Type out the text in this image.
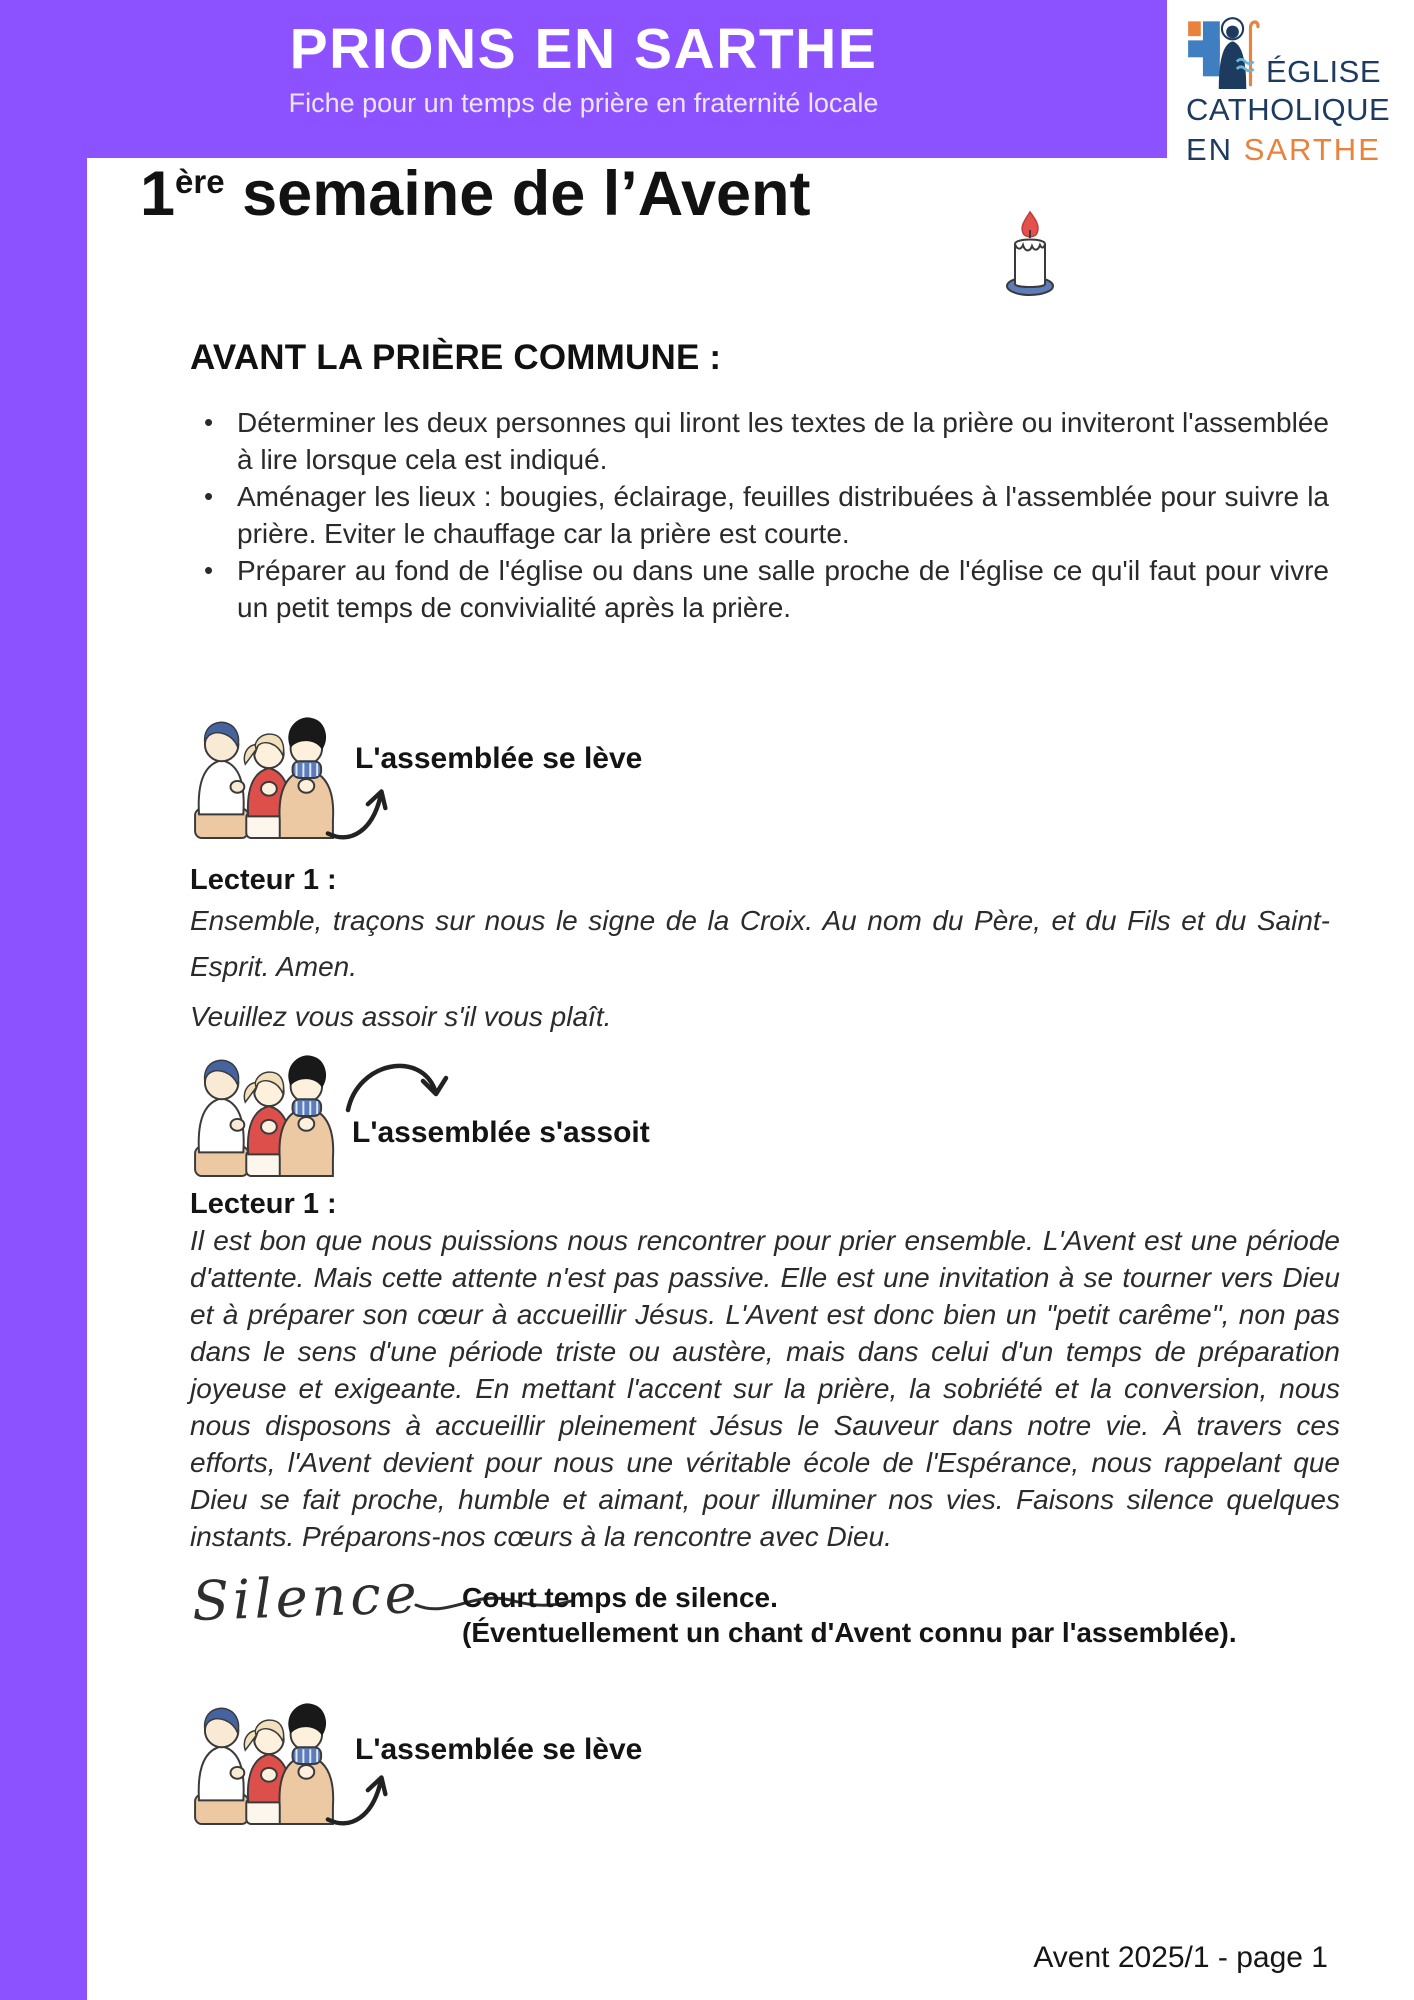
PRIONS EN SARTHE
Fiche pour un temps de prière en fraternité locale
ÉGLISE
CATHOLIQUE
EN SARTHE
1ère semaine de l’Avent
AVANT LA PRIÈRE COMMUNE :
• Déterminer les deux personnes qui liront les textes de la prière ou inviteront l'assemblée à lire lorsque cela est indiqué.
• Aménager les lieux : bougies, éclairage, feuilles distribuées à l'assemblée pour suivre la prière. Eviter le chauffage car la prière est courte.
• Préparer au fond de l'église ou dans une salle proche de l'église ce qu'il faut pour vivre un petit temps de convivialité après la prière.
L'assemblée se lève
Lecteur 1 :

Ensemble, traçons sur nous le signe de la Croix. Au nom du Père, et du Fils et du Saint-Esprit. Amen.

Veuillez vous assoir s'il vous plaît.

L'assemblée s'assoit
Lecteur 1 :

Il est bon que nous puissions nous rencontrer pour prier ensemble. L'Avent est une période d'attente. Mais cette attente n'est pas passive. Elle est une invitation à se tourner vers Dieu et à préparer son cœur à accueillir Jésus. L'Avent est donc bien un "petit carême", non pas dans le sens d'une période triste ou austère, mais dans celui d'un temps de préparation joyeuse et exigeante. En mettant l'accent sur la prière, la sobriété et la conversion, nous nous disposons à accueillir pleinement Jésus le Sauveur dans notre vie. À travers ces efforts, l'Avent devient pour nous une véritable école de l'Espérance, nous rappelant que Dieu se fait proche, humble et aimant, pour illuminer nos vies. Faisons silence quelques instants. Préparons-nos cœurs à la rencontre avec Dieu.

Silence Court temps de silence.
(Éventuellement un chant d'Avent connu par l'assemblée).
L'assemblée se lève
Avent 2025/1 - page 1
